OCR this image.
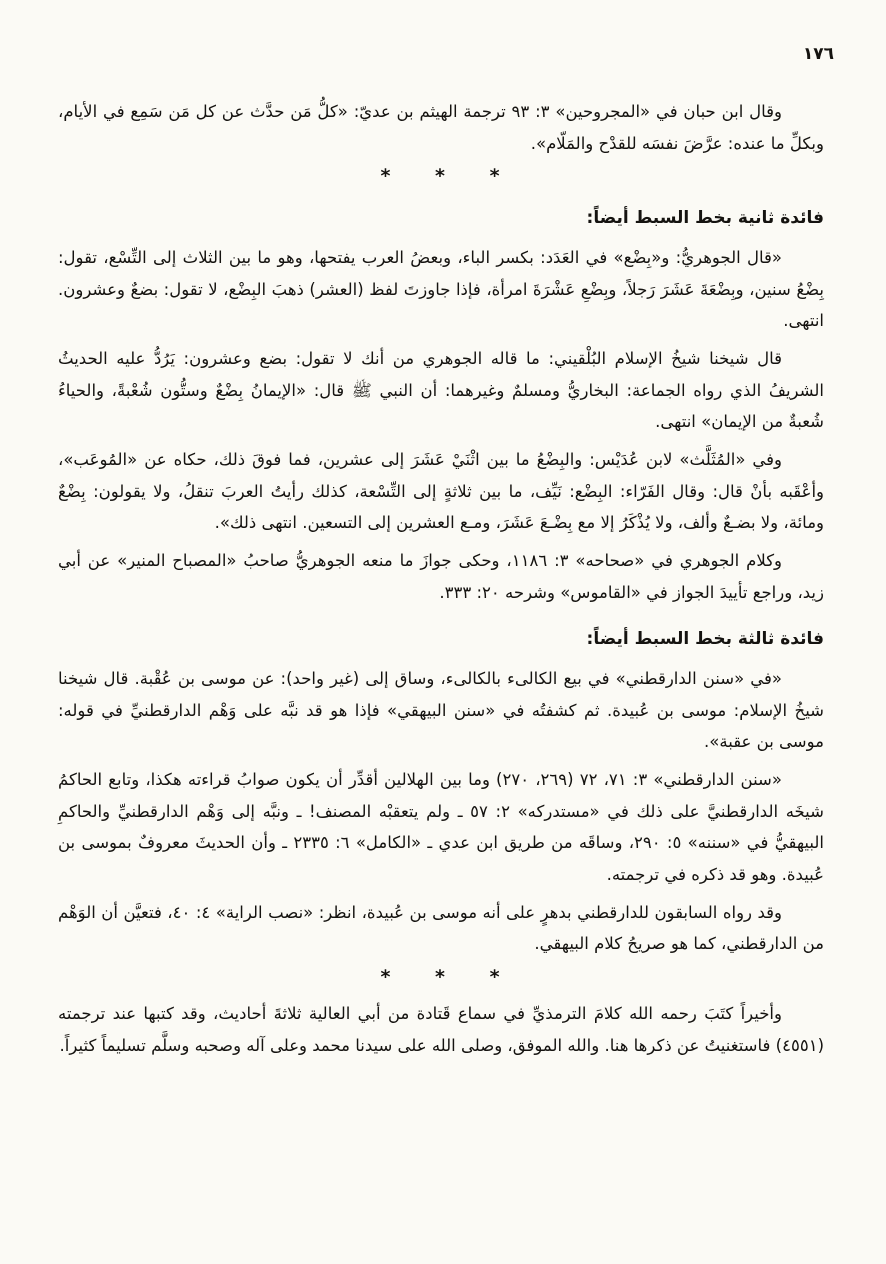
١٧٦

وقال ابن حبان في «المجروحين» ٣: ٩٣ ترجمة الهيثم بن عديّ: «كلُّ مَن حدَّث عن كل مَن سَمِع في الأيام، وبكلِّ ما عنده: عرَّضَ نفسَه للقدْح والمَلّام».

* * *
فائدة ثانية بخط السبط أيضاً:

«قال الجوهريُّ: و«بِضْع» في العَدَد: بكسر الباء، وبعضُ العرب يفتحها، وهو ما بين الثلاث إلى التِّسْع، تقول: بِضْعُ سنين، وبِضْعَةَ عَشَرَ رَجلاً، وبِضْعِ عَشْرَةَ امرأة، فإذا جاوزتَ لفظ (العشر) ذهبَ البِضْع، لا تقول: بضعٌ وعشرون. انتهى.

قال شيخنا شيخُ الإسلام البُلْقيني: ما قاله الجوهري من أنك لا تقول: بضع وعشرون: يَرُدُّ عليه الحديثُ الشريفُ الذي رواه الجماعة: البخاريُّ ومسلمٌ وغيرهما: أن النبي ﷺ قال: «الإيمانُ بِضْعٌ وستُّون شُعْبةً، والحياءُ شُعبةٌ من الإيمان» انتهى.

وفي «المُثَلَّث» لابن عُدَيْس: والبِضْعُ ما بين اثْنَيْ عَشَرَ إلى عشرين، فما فوقَ ذلك، حكاه عن «المُوعَب»، وأعْقَبه بأنْ قال: وقال الفَرّاء: البِضْع: نَيِّف، ما بين ثلاثةٍ إلى التِّسْعة، كذلك رأيتُ العربَ تنقلُ، ولا يقولون: بِضْعٌ ومائة، ولا بضـعٌ وألف، ولا يُذْكَرُ إلا مع بِضْـعَ عَشَرَ، ومـع العشرين إلى التسعين. انتهى ذلك».

وكلام الجوهري في «صحاحه» ٣: ١١٨٦، وحكى جوازَ ما منعه الجوهريُّ صاحبُ «المصباح المنير» عن أبي زيد، وراجع تأييدَ الجواز في «القاموس» وشرحه ٢٠: ٣٣٣.

فائدة ثالثة بخط السبط أيضاً:

«في «سنن الدارقطني» في بيع الكالىء بالكالىء، وساق إلى (غير واحد): عن موسى بن عُقْبة. قال شيخنا شيخُ الإسلام: موسى بن عُبيدة. ثم كشفتُه في «سنن البيهقي» فإذا هو قد نبَّه على وَهْم الدارقطنيِّ في قوله: موسى بن عقبة».

«سنن الدارقطني» ٣: ٧١، ٧٢ (٢٦٩، ٢٧٠) وما بين الهلالين أقدِّر أن يكون صوابُ قراءته هكذا، وتابع الحاكمُ شيخَه الدارقطنيَّ على ذلك في «مستدركه» ٢: ٥٧ ـ ولم يتعقبْه المصنف! ـ ونبَّه إلى وَهْم الدارقطنيِّ والحاكمِ البيهقيُّ في «سننه» ٥: ٢٩٠، وساقَه من طريق ابن عدي ـ «الكامل» ٦: ٢٣٣٥ ـ وأن الحديثَ معروفٌ بموسى بن عُبيدة. وهو قد ذكره في ترجمته.

وقد رواه السابقون للدارقطني بدهرٍ على أنه موسى بن عُبيدة، انظر: «نصب الراية» ٤: ٤٠، فتعيَّن أن الوَهْم من الدارقطني، كما هو صريحُ كلام البيهقي.

* * *

وأخيراً كتَبَ رحمه الله كلامَ الترمذيِّ في سماع قَتادة من أبي العالية ثلاثةَ أحاديث، وقد كتبها عند ترجمته (٤٥٥١) فاستغنيتُ عن ذكرها هنا. والله الموفق، وصلى الله على سيدنا محمد وعلى آله وصحبه وسلَّم تسليماً كثيراً.
